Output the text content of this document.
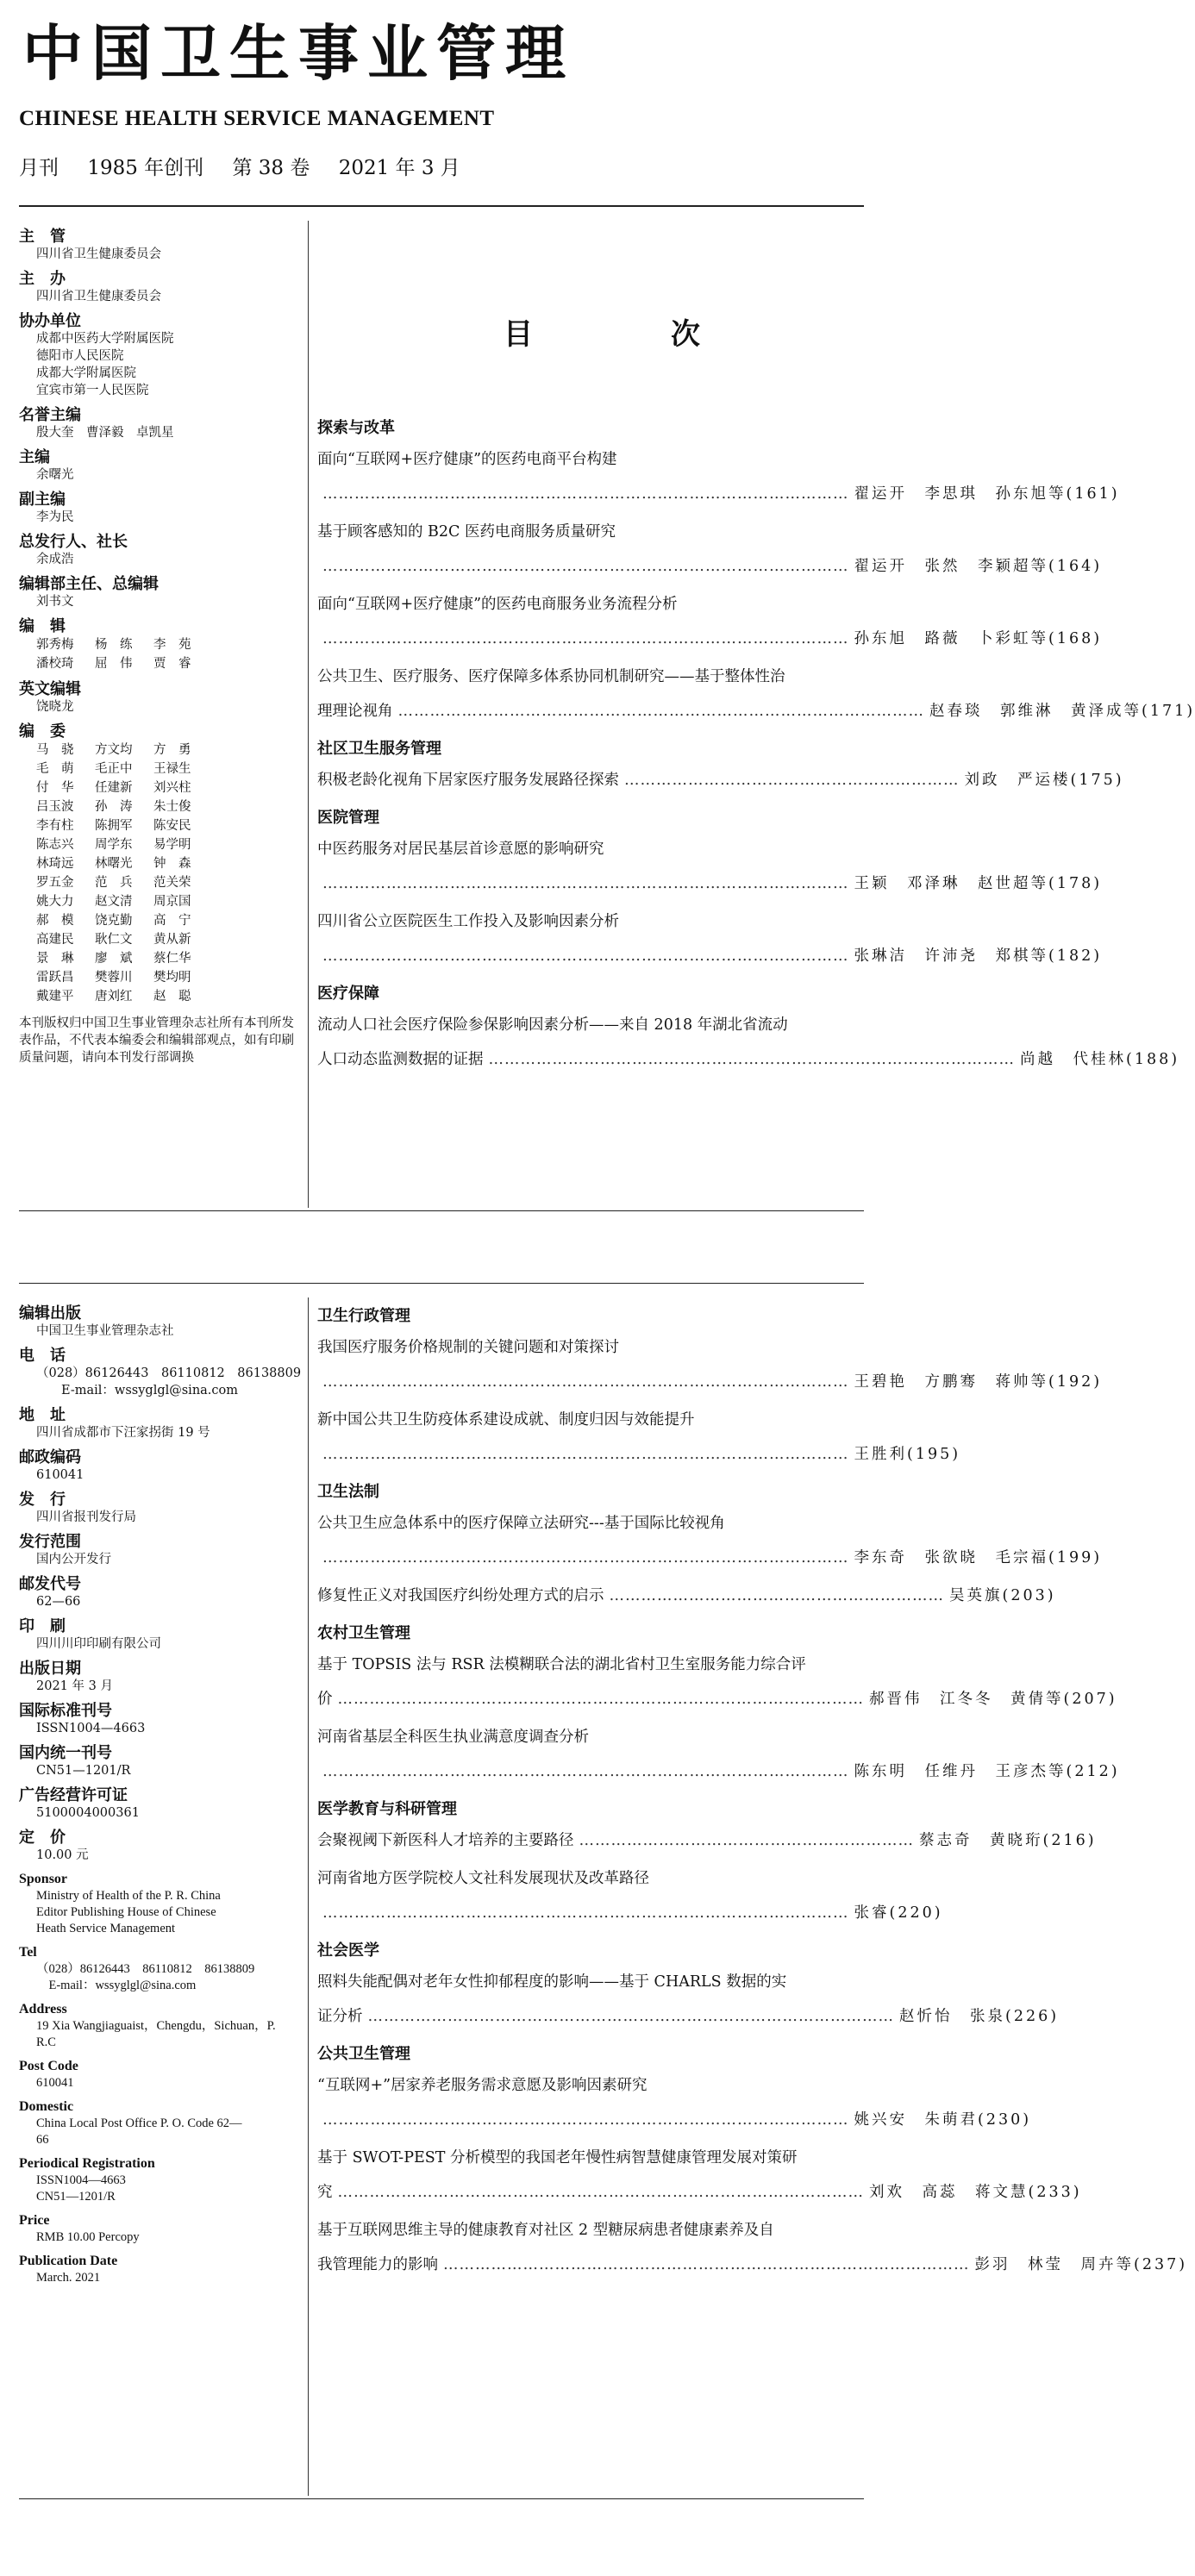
中国卫生事业管理
CHINESE HEALTH SERVICE MANAGEMENT
月刊 1985 年创刊 第 38 卷 2021 年 3 月
主　管
四川省卫生健康委员会
主　办
四川省卫生健康委员会
协办单位
成都中医药大学附属医院
德阳市人民医院
成都大学附属医院
宜宾市第一人民医院
名誉主编
殷大奎　曹泽毅　卓凯星
主编
余曙光
副主编
李为民
总发行人、社长
余成浩
编辑部主任、总编辑
刘书文
编　辑
郭秀梅 杨　练 李　苑
潘校琦 屈　伟 贾　睿
英文编辑
饶晓龙
编　委
马　骁 方文均 方　勇
毛　萌 毛正中 王禄生
付　华 任建新 刘兴柱
吕玉波 孙　涛 朱士俊
李有柱 陈拥军 陈安民
陈志兴 周学东 易学明
林琦远 林曙光 钟　森
罗五金 范　兵 范关荣
姚大力 赵文清 周京国
郝　模 饶克勤 高　宁
高建民 耿仁文 黄从新
景　琳 廖　斌 蔡仁华
雷跃昌 樊蓉川 樊均明
戴建平 唐刘红 赵　聪
本刊版权归中国卫生事业管理杂志社所有本刊所发表作品，不代表本编委会和编辑部观点，如有印刷质量问题，请向本刊发行部调换
编辑出版
中国卫生事业管理杂志社
电　话
（028）86126443　86110812　86138809
　　E-mail：wssyglgl@sina.com
地　址
四川省成都市下汪家拐街 19 号
邮政编码
610041
发　行
四川省报刊发行局
发行范围
国内公开发行
邮发代号
62—66
印　刷
四川川印印刷有限公司
出版日期
2021 年 3 月
国际标准刊号
ISSN1004—4663
国内统一刊号
CN51—1201/R
广告经营许可证
5100004000361
定　价
10.00 元
Sponsor
Ministry of Health of the P. R. China
Editor Publishing House of Chinese
Heath Service Management
Tel
（028）86126443　86110812　86138809
　E-mail：wssyglgl@sina.com
Address
19 Xia Wangjiaguaist，Chengdu，Sichuan，P.
R.C
Post Code
610041
Domestic
China Local Post Office P. O. Code 62—
66
Periodical Registration
ISSN1004—4663
CN51—1201/R
Price
RMB 10.00 Percopy
Publication Date
March. 2021
目次
探索与改革
面向“互联网+医疗健康”的医药电商平台构建
……………………………………………………………………………………… 翟运开　李思琪　孙东旭等(161)
基于顾客感知的 B2C 医药电商服务质量研究
……………………………………………………………………………………… 翟运开　张然　李颖超等(164)
面向“互联网+医疗健康”的医药电商服务业务流程分析
……………………………………………………………………………………… 孙东旭　路薇　卜彩虹等(168)
公共卫生、医疗服务、医疗保障多体系协同机制研究——基于整体性治
理理论视角 ……………………………………………………………………………………… 赵春琰　郭维淋　黄泽成等(171)
社区卫生服务管理
积极老龄化视角下居家医疗服务发展路径探索 ……………………………………………………… 刘政　严运楼(175)
医院管理
中医药服务对居民基层首诊意愿的影响研究
……………………………………………………………………………………… 王颖　邓泽琳　赵世超等(178)
四川省公立医院医生工作投入及影响因素分析
……………………………………………………………………………………… 张琳洁　许沛尧　郑棋等(182)
医疗保障
流动人口社会医疗保险参保影响因素分析——来自 2018 年湖北省流动
人口动态监测数据的证据 ……………………………………………………………………………………… 尚越　代桂林(188)
卫生行政管理
我国医疗服务价格规制的关键问题和对策探讨
……………………………………………………………………………………… 王碧艳　方鹏骞　蒋帅等(192)
新中国公共卫生防疫体系建设成就、制度归因与效能提升
……………………………………………………………………………………… 王胜利(195)
卫生法制
公共卫生应急体系中的医疗保障立法研究---基于国际比较视角
……………………………………………………………………………………… 李东奇　张欲晓　毛宗福(199)
修复性正义对我国医疗纠纷处理方式的启示 ……………………………………………………… 吴英旗(203)
农村卫生管理
基于 TOPSIS 法与 RSR 法模糊联合法的湖北省村卫生室服务能力综合评
价 ……………………………………………………………………………………… 郝晋伟　江冬冬　黄倩等(207)
河南省基层全科医生执业满意度调查分析
……………………………………………………………………………………… 陈东明　任维丹　王彦杰等(212)
医学教育与科研管理
会聚视阈下新医科人才培养的主要路径 ……………………………………………………… 蔡志奇　黄晓珩(216)
河南省地方医学院校人文社科发展现状及改革路径
……………………………………………………………………………………… 张睿(220)
社会医学
照料失能配偶对老年女性抑郁程度的影响——基于 CHARLS 数据的实
证分析 ……………………………………………………………………………………… 赵忻怡　张泉(226)
公共卫生管理
“互联网+”居家养老服务需求意愿及影响因素研究
……………………………………………………………………………………… 姚兴安　朱萌君(230)
基于 SWOT-PEST 分析模型的我国老年慢性病智慧健康管理发展对策研
究 ……………………………………………………………………………………… 刘欢　高蕊　蒋文慧(233)
基于互联网思维主导的健康教育对社区 2 型糖尿病患者健康素养及自
我管理能力的影响 ……………………………………………………………………………………… 彭羽　林莹　周卉等(237)
